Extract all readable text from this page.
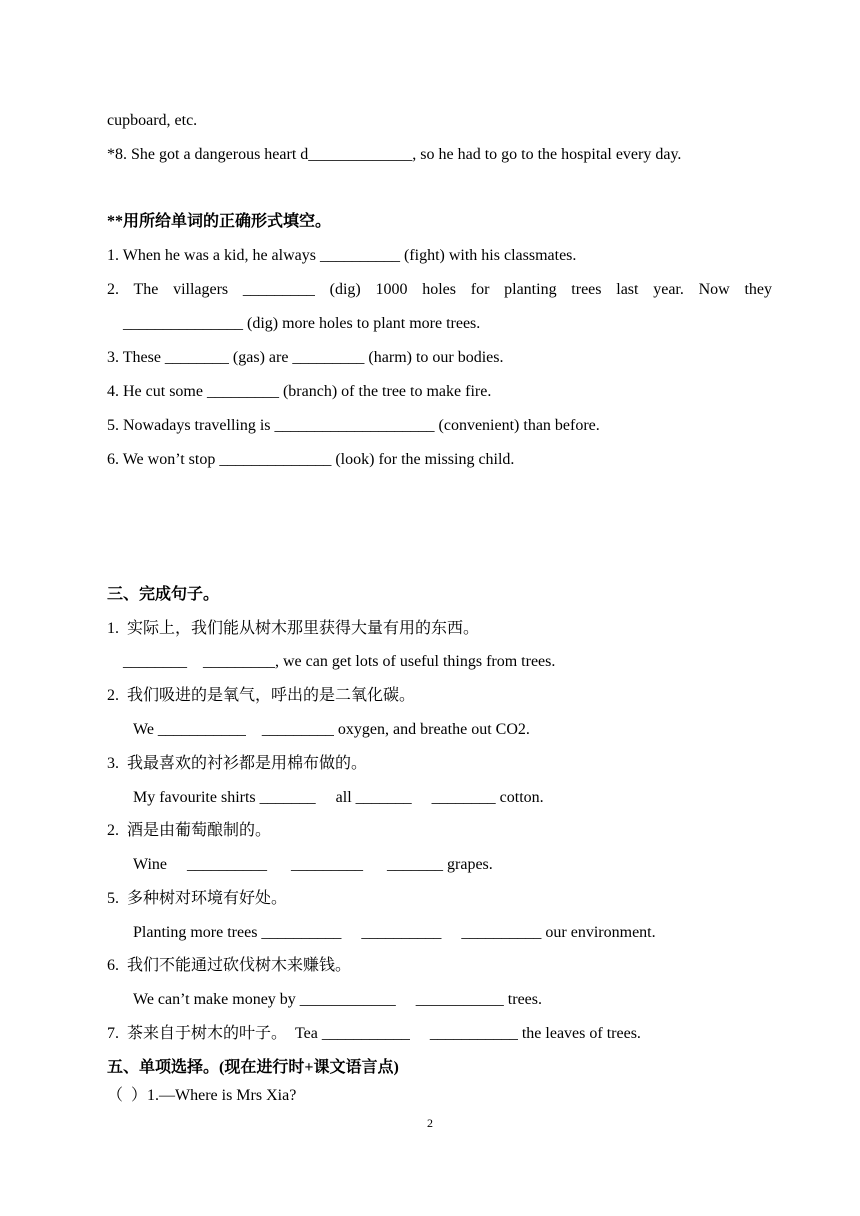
cupboard, etc.
*8. She got a dangerous heart d_____________, so he had to go to the hospital every day.
**用所给单词的正确形式填空。
1. When he was a kid, he always __________ (fight) with his classmates.
2. The villagers _________ (dig) 1000 holes for planting trees last year. Now they
_______________ (dig) more holes to plant more trees.
3. These ________ (gas) are _________ (harm) to our bodies.
4. He cut some _________ (branch) of the tree to make fire.
5. Nowadays travelling is ____________________ (convenient) than before.
6. We won’t stop ______________ (look) for the missing child.
三、完成句子。
1.  实际上，我们能从树木那里获得大量有用的东西。
________    _________, we can get lots of useful things from trees.
2.  我们吸进的是氧气，呼出的是二氧化碳。
We ___________    _________ oxygen, and breathe out CO2.
3.  我最喜欢的衬衫都是用棉布做的。
My favourite shirts _______     all _______     ________ cotton.
2.  酒是由葡萄酿制的。
Wine     __________      _________      _______ grapes.
5.  多种树对环境有好处。
Planting more trees __________     __________     __________ our environment.
6.  我们不能通过砍伐树木来赚钱。
We can’t make money by ____________     ___________ trees.
7.  茶来自于树木的叶子。  Tea ___________     ___________ the leaves of trees.
五、单项选择。(现在进行时+课文语言点)
（  ）1.—Where is Mrs Xia?
2
